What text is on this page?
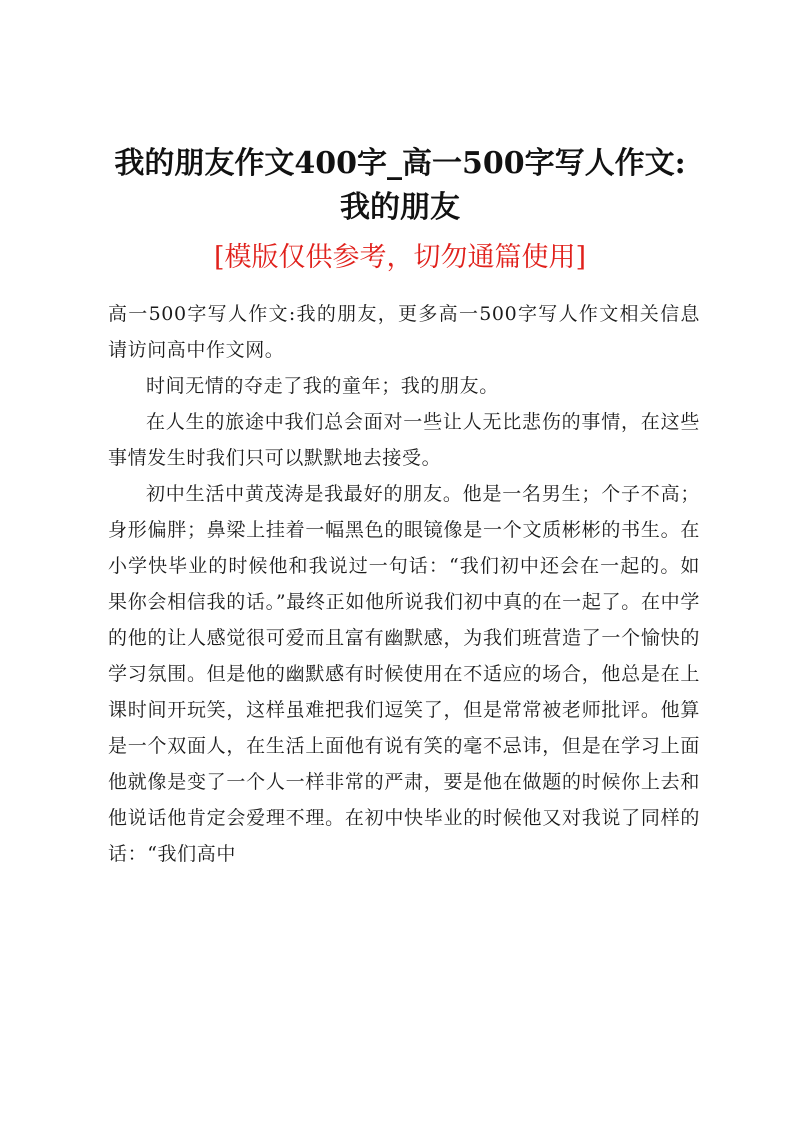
我的朋友作文400字_高一500字写人作文:我的朋友

[模版仅供参考，切勿通篇使用]

高一500字写人作文:我的朋友，更多高一500字写人作文相关信息请访问高中作文网。

时间无情的夺走了我的童年；我的朋友。

在人生的旅途中我们总会面对一些让人无比悲伤的事情，在这些事情发生时我们只可以默默地去接受。

初中生活中黄茂涛是我最好的朋友。他是一名男生；个子不高；身形偏胖；鼻梁上挂着一幅黑色的眼镜像是一个文质彬彬的书生。在小学快毕业的时候他和我说过一句话：“我们初中还会在一起的。如果你会相信我的话。”最终正如他所说我们初中真的在一起了。在中学的他的让人感觉很可爱而且富有幽默感，为我们班营造了一个愉快的学习氛围。但是他的幽默感有时候使用在不适应的场合，他总是在上课时间开玩笑，这样虽难把我们逗笑了，但是常常被老师批评。他算是一个双面人，在生活上面他有说有笑的毫不忌讳，但是在学习上面他就像是变了一个人一样非常的严肃，要是他在做题的时候你上去和他说话他肯定会爱理不理。在初中快毕业的时候他又对我说了同样的话：“我们高中
